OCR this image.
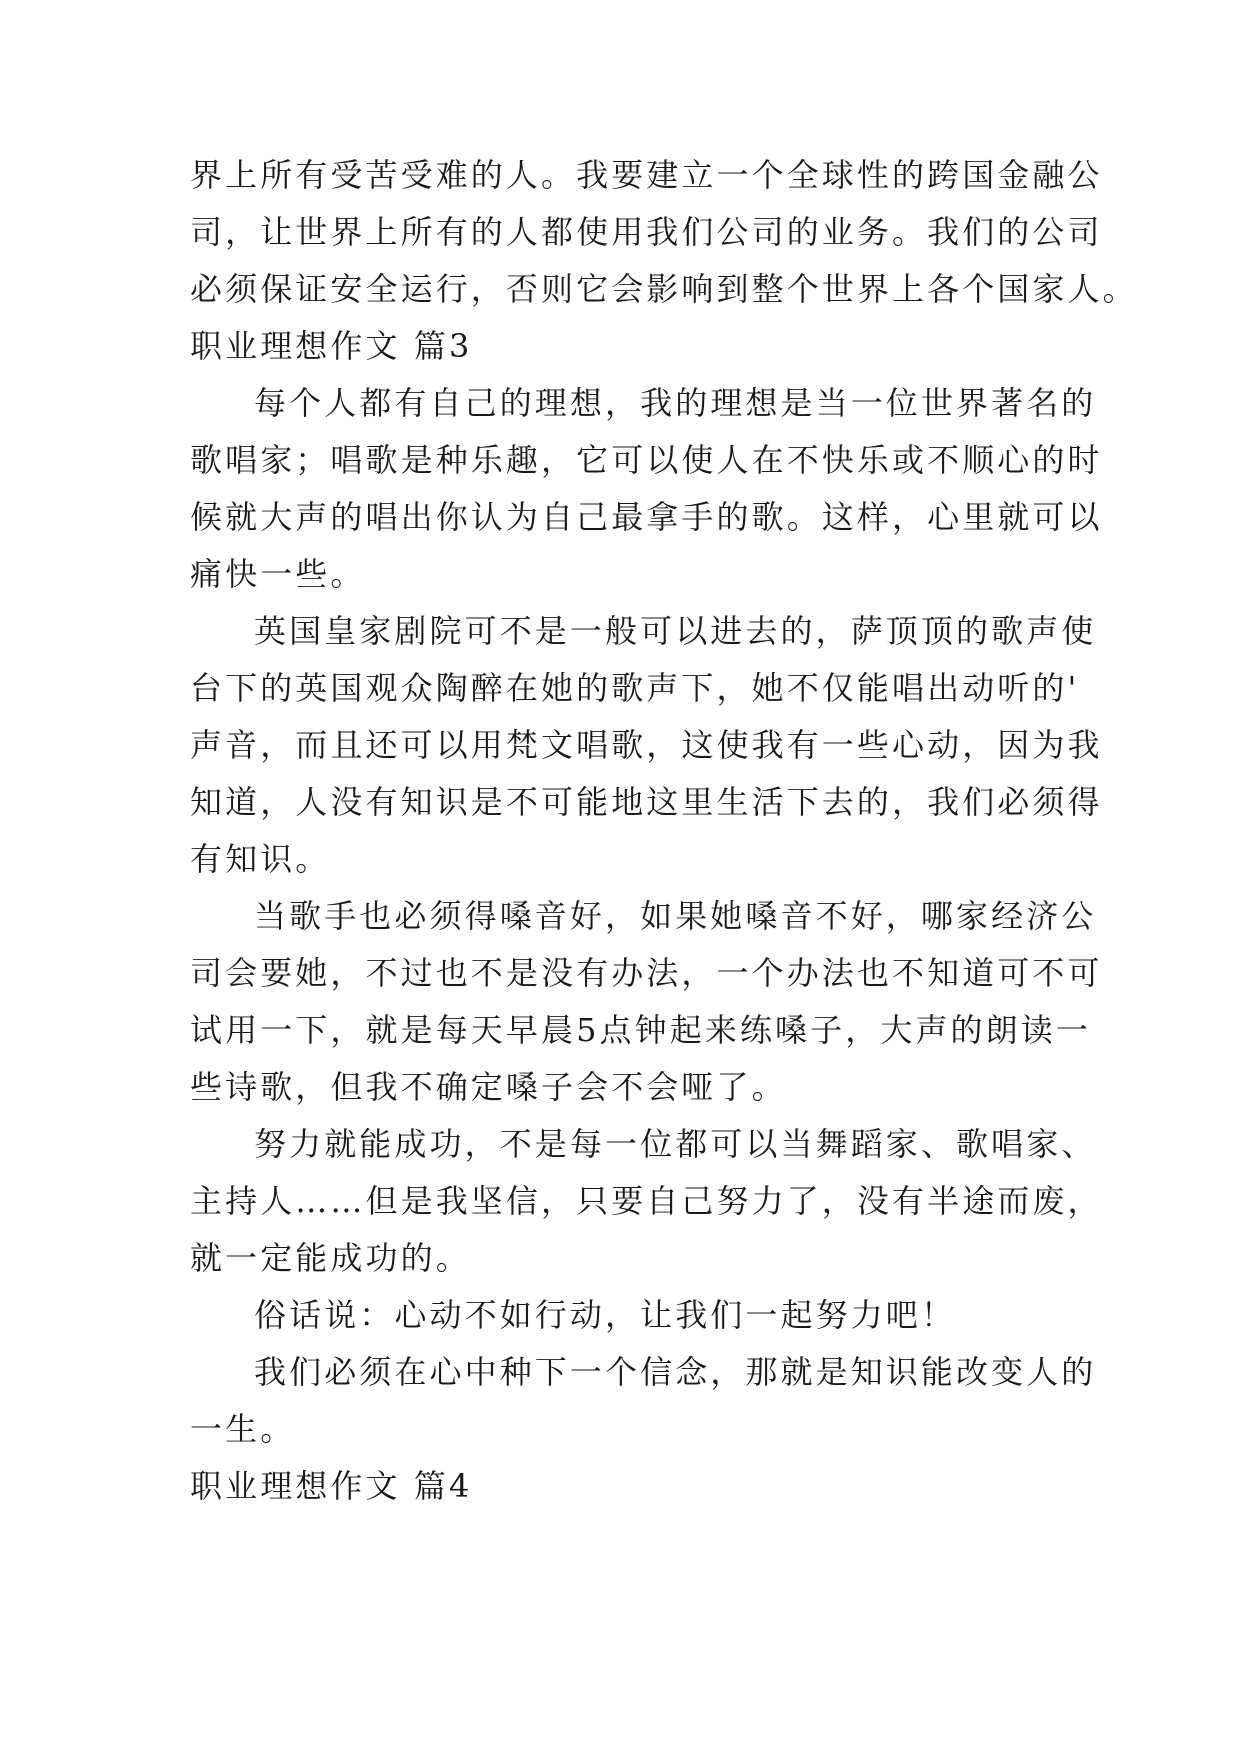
界上所有受苦受难的人。我要建立一个全球性的跨国金融公
司，让世界上所有的人都使用我们公司的业务。我们的公司
必须保证安全运行，否则它会影响到整个世界上各个国家人。
职业理想作文 篇3
每个人都有自己的理想，我的理想是当一位世界著名的
歌唱家；唱歌是种乐趣，它可以使人在不快乐或不顺心的时
候就大声的唱出你认为自己最拿手的歌。这样，心里就可以
痛快一些。
英国皇家剧院可不是一般可以进去的，萨顶顶的歌声使
台下的英国观众陶醉在她的歌声下，她不仅能唱出动听的'
声音，而且还可以用梵文唱歌，这使我有一些心动，因为我
知道，人没有知识是不可能地这里生活下去的，我们必须得
有知识。
当歌手也必须得嗓音好，如果她嗓音不好，哪家经济公
司会要她，不过也不是没有办法，一个办法也不知道可不可
试用一下，就是每天早晨5点钟起来练嗓子，大声的朗读一
些诗歌，但我不确定嗓子会不会哑了。
努力就能成功，不是每一位都可以当舞蹈家、歌唱家、
主持人……但是我坚信，只要自己努力了，没有半途而废，
就一定能成功的。
俗话说：心动不如行动，让我们一起努力吧！
我们必须在心中种下一个信念，那就是知识能改变人的
一生。
职业理想作文 篇4
